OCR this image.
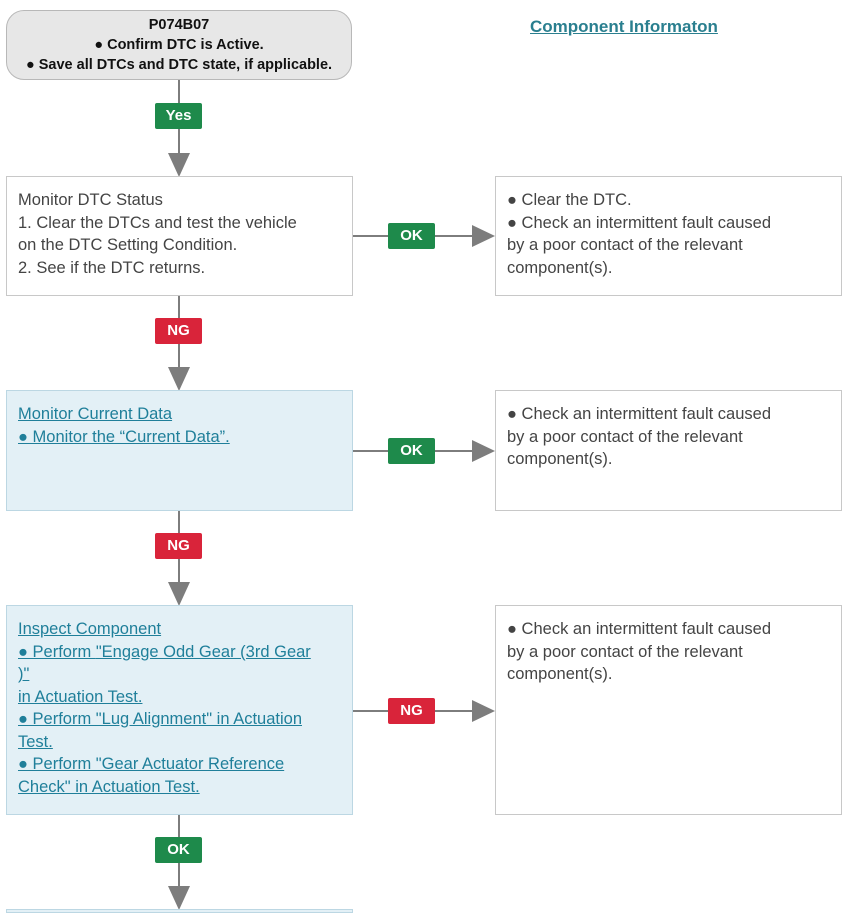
P074B07
● Confirm DTC is Active.
● Save all DTCs and DTC state, if applicable.
Component Informaton
Yes
Monitor DTC Status
1. Clear the DTCs and test the vehicle
on the DTC Setting Condition.
2. See if the DTC returns.
OK
● Clear the DTC.
● Check an intermittent fault caused
by a poor contact of the relevant
component(s).
NG
Monitor Current Data
● Monitor the “Current Data”.
OK
● Check an intermittent fault caused
by a poor contact of the relevant
component(s).
NG
Inspect Component
● Perform "Engage Odd Gear (3rd Gear
)"
in Actuation Test.
● Perform "Lug Alignment" in Actuation
Test.
● Perform "Gear Actuator Reference
Check" in Actuation Test.
NG
● Check an intermittent fault caused
by a poor contact of the relevant
component(s).
OK
